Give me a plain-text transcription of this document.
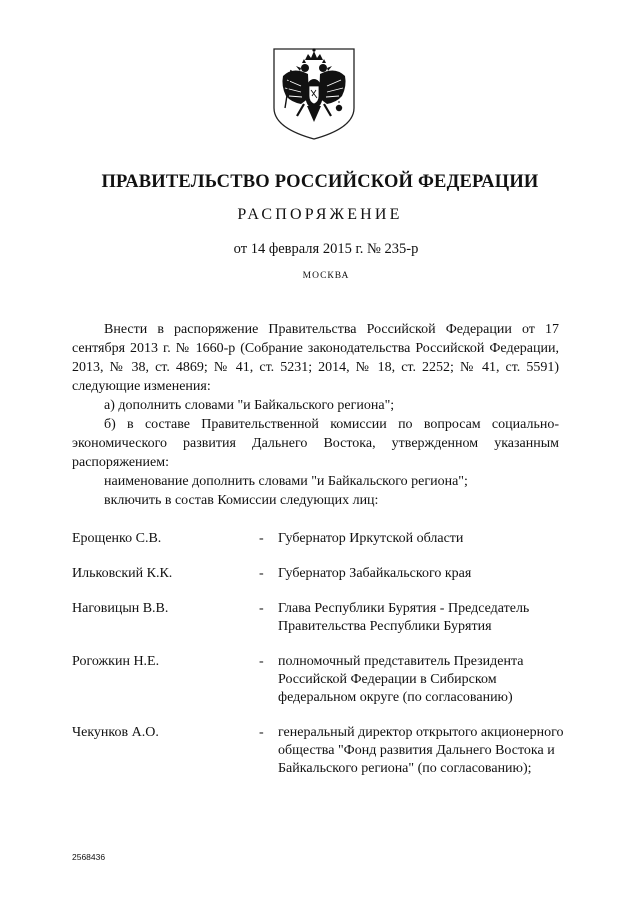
ПРАВИТЕЛЬСТВО РОССИЙСКОЙ ФЕДЕРАЦИИ
РАСПОРЯЖЕНИЕ
от 14 февраля 2015 г. № 235-р
МОСКВА

Внести в распоряжение Правительства Российской Федерации от 17 сентября 2013 г. № 1660-р (Собрание законодательства Российской Федерации, 2013, № 38, ст. 4869; № 41, ст. 5231; 2014, № 18, ст. 2252; № 41, ст. 5591) следующие изменения:

а) дополнить словами "и Байкальского региона";

б) в составе Правительственной комиссии по вопросам социально-экономического развития Дальнего Востока, утвержденном указанным распоряжением:

наименование дополнить словами "и Байкальского региона";

включить в состав Комиссии следующих лиц:

Ерощенко С.В.	-	Губернатор Иркутской области
Ильковский К.К.	-	Губернатор Забайкальского края
Наговицын В.В.	-	Глава Республики Бурятия - Председатель Правительства Республики Бурятия
Рогожкин Н.Е.	-	полномочный представитель Президента Российской Федерации в Сибирском федеральном округе (по согласованию)
Чекунков А.О.	-	генеральный директор открытого акционерного общества "Фонд развития Дальнего Востока и Байкальского региона" (по согласованию);
2568436
